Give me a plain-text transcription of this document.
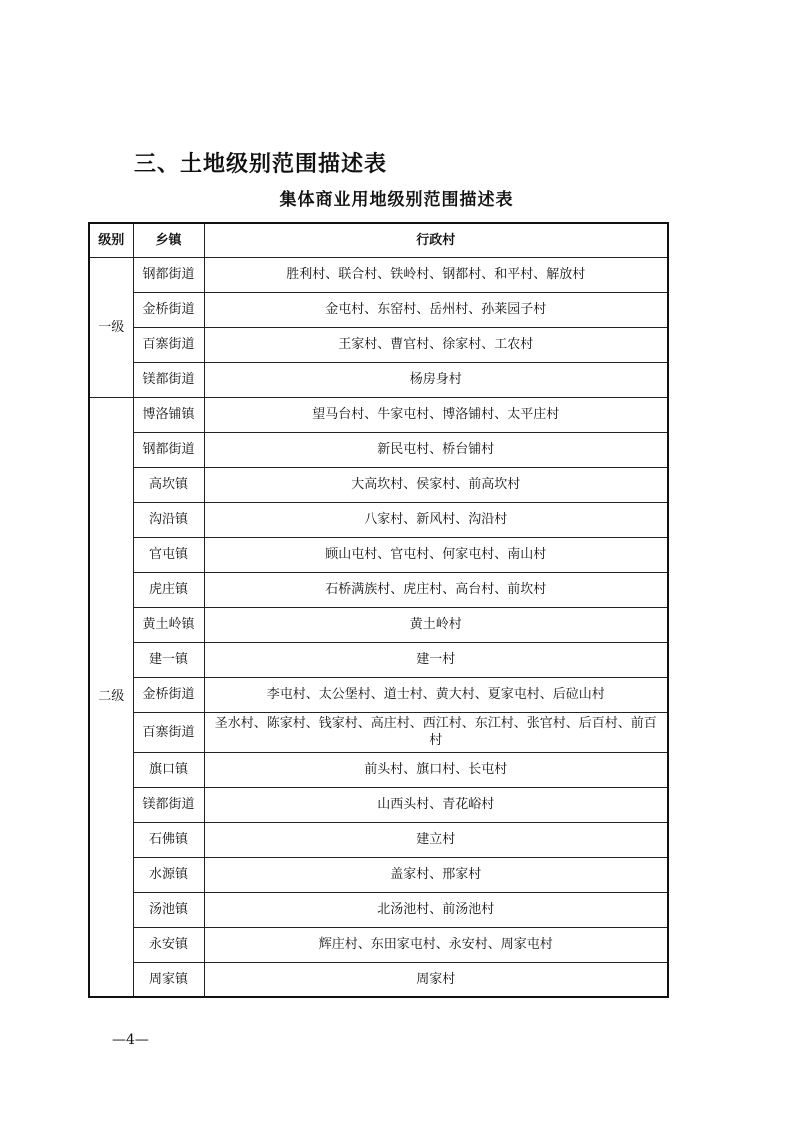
三、土地级别范围描述表
集体商业用地级别范围描述表
级别	乡镇	行政村
一级	钢都街道	胜利村、联合村、铁岭村、钢都村、和平村、解放村
	金桥街道	金屯村、东窑村、岳州村、孙莱园子村
	百寨街道	王家村、曹官村、徐家村、工农村
	镁都街道	杨房身村
二级	博洛铺镇	望马台村、牛家屯村、博洛铺村、太平庄村
	钢都街道	新民屯村、桥台铺村
	高坎镇	大高坎村、侯家村、前高坎村
	沟沿镇	八家村、新风村、沟沿村
	官屯镇	顾山屯村、官屯村、何家屯村、南山村
	虎庄镇	石桥满族村、虎庄村、高台村、前坎村
	黄土岭镇	黄土岭村
	建一镇	建一村
	金桥街道	李屯村、太公堡村、道士村、黄大村、夏家屯村、后砬山村
	百寨街道	圣水村、陈家村、钱家村、高庄村、西江村、东江村、张官村、后百村、前百村
	旗口镇	前头村、旗口村、长屯村
	镁都街道	山西头村、青花峪村
	石佛镇	建立村
	水源镇	盖家村、邢家村
	汤池镇	北汤池村、前汤池村
	永安镇	辉庄村、东田家屯村、永安村、周家屯村
	周家镇	周家村

—4—
